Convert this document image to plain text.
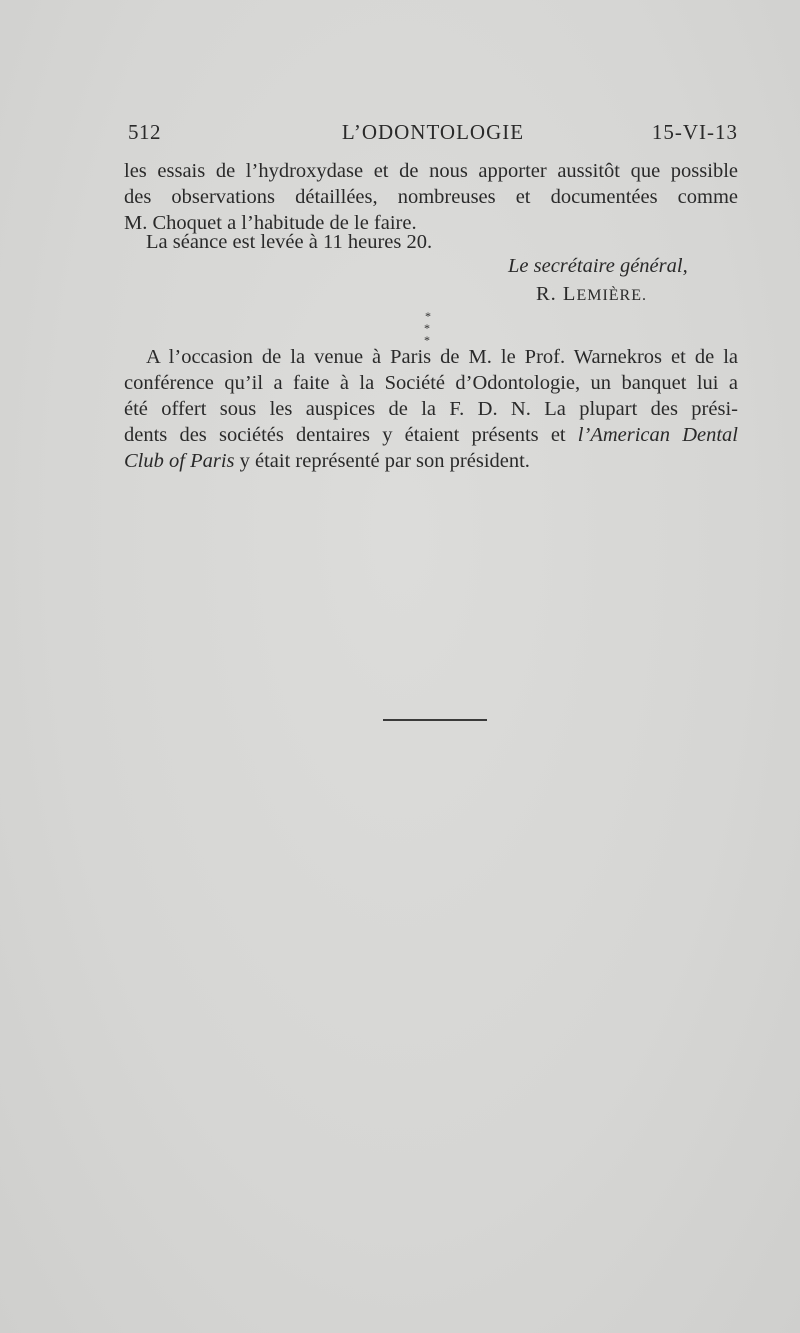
512	L’ODONTOLOGIE	15-VI-13

les essais de l’hydroxydase et de nous apporter aussitôt que possible
des observations détaillées, nombreuses et documentées comme
M. Choquet a l’habitude de le faire.

La séance est levée à 11 heures 20.

Le secrétaire général,
R. LEMIÈRE.
*
* *

A l’occasion de la venue à Paris de M. le Prof. Warnekros et de la
conférence qu’il a faite à la Société d’Odontologie, un banquet lui a
été offert sous les auspices de la F. D. N. La plupart des prési-
dents des sociétés dentaires y étaient présents et l’American Dental
Club of Paris y était représenté par son président.
